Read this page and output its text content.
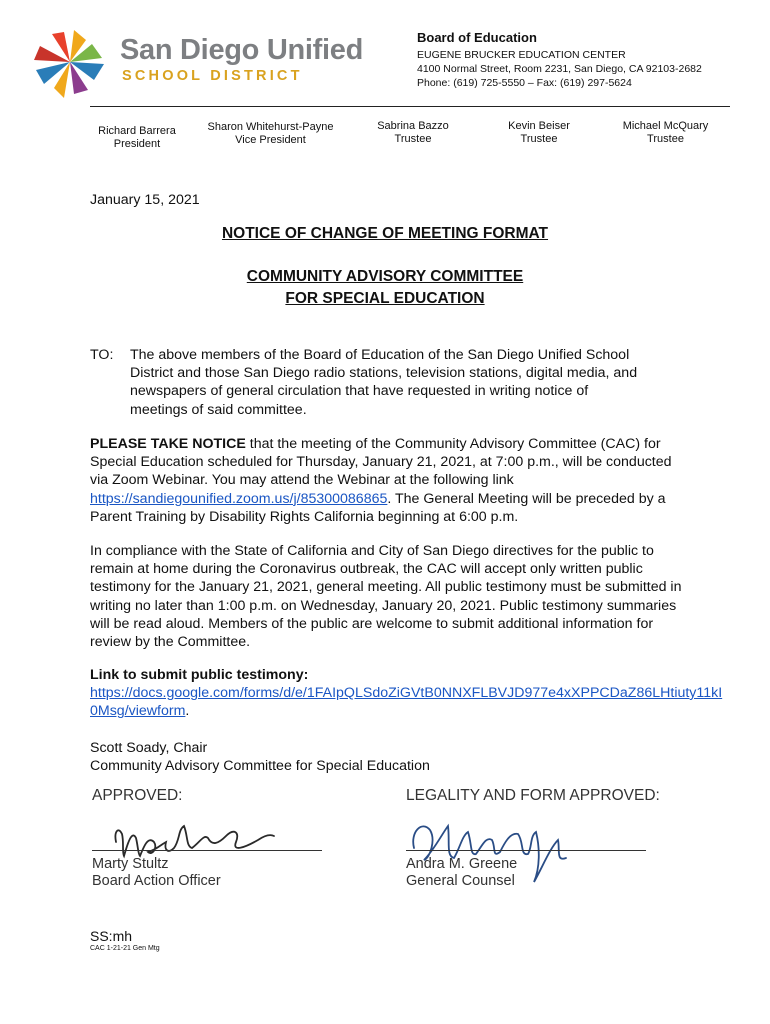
San Diego Unified
SCHOOL DISTRICT
Board of Education
EUGENE BRUCKER EDUCATION CENTER
4100 Normal Street, Room 2231, San Diego, CA 92103-2682
Phone: (619) 725-5550 – Fax: (619) 297-5624
Richard Barrera
President
Sharon Whitehurst-Payne
Vice President
Sabrina Bazzo
Trustee
Kevin Beiser
Trustee
Michael McQuary
Trustee
January 15, 2021
NOTICE OF CHANGE OF MEETING FORMAT
COMMUNITY ADVISORY COMMITTEE
FOR SPECIAL EDUCATION
TO: The above members of the Board of Education of the San Diego Unified School
District and those San Diego radio stations, television stations, digital media, and
newspapers of general circulation that have requested in writing notice of
meetings of said committee.
PLEASE TAKE NOTICE that the meeting of the Community Advisory Committee (CAC) for Special Education scheduled for Thursday, January 21, 2021, at 7:00 p.m., will be conducted via Zoom Webinar. You may attend the Webinar at the following link https://sandiegounified.zoom.us/j/85300086865. The General Meeting will be preceded by a Parent Training by Disability Rights California beginning at 6:00 p.m.
In compliance with the State of California and City of San Diego directives for the public to remain at home during the Coronavirus outbreak, the CAC will accept only written public testimony for the January 21, 2021, general meeting. All public testimony must be submitted in writing no later than 1:00 p.m. on Wednesday, January 20, 2021. Public testimony summaries will be read aloud. Members of the public are welcome to submit additional information for review by the Committee.
Link to submit public testimony:
https://docs.google.com/forms/d/e/1FAIpQLSdoZiGVtB0NNXFLBVJD977e4xXPPCDaZ86LHtiuty11kI0Msg/viewform.
Scott Soady, Chair
Community Advisory Committee for Special Education
APPROVED:	LEGALITY AND FORM APPROVED:
Marty Stultz
Board Action Officer
Andra M. Greene
General Counsel
SS:mh
CAC 1-21-21 Gen Mtg
